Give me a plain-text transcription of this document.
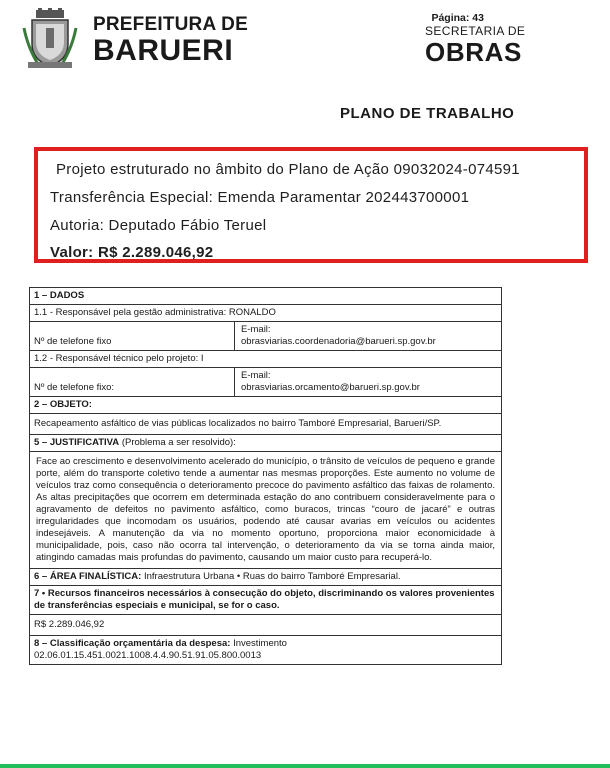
PREFEITURA DE
BARUERI
Página: 43
SECRETARIA DE
OBRAS
PLANO DE TRABALHO
Projeto estruturado no âmbito do Plano de Ação 09032024-074591
Transferência Especial: Emenda Paramentar 202443700001
Autoria: Deputado Fábio Teruel
Valor: R$ 2.289.046,92
1 – DADOS
1.1 - Responsável pela gestão administrativa: RONALDO
Nº de telefone fixo
E-mail:
obrasviarias.coordenadoria@barueri.sp.gov.br
1.2 - Responsável técnico pelo projeto: I
Nº de telefone fixo:
E-mail:
obrasviarias.orcamento@barueri.sp.gov.br
2 – OBJETO:
Recapeamento asfáltico de vias públicas localizados no bairro Tamboré Empresarial, Barueri/SP.
5 – JUSTIFICATIVA (Problema a ser resolvido):
Face ao crescimento e desenvolvimento acelerado do município, o trânsito de veículos de pequeno e grande porte, além do transporte coletivo tende a aumentar nas mesmas proporções. Este aumento no volume de veículos traz como consequência o deterioramento precoce do pavimento asfáltico das faixas de rolamento. As altas precipitações que ocorrem em determinada estação do ano contribuem consideravelmente para o agravamento de defeitos no pavimento asfáltico, como buracos, trincas “couro de jacaré” e outras irregularidades que incomodam os usuários, podendo até causar avarias em veículos ou acidentes indesejáveis. A manutenção da via no momento oportuno, proporciona maior economicidade à municipalidade, pois, caso não ocorra tal intervenção, o deterioramento da via se torna ainda maior, atingindo camadas mais profundas do pavimento, causando um maior custo para recuperá-lo.
6 – ÁREA FINALÍSTICA: Infraestrutura Urbana • Ruas do bairro Tamboré Empresarial.
7 • Recursos financeiros necessários à consecução do objeto, discriminando os valores provenientes de transferências especiais e municipal, se for o caso.
R$ 2.289.046,92
8 – Classificação orçamentária da despesa: Investimento
02.06.01.15.451.0021.1008.4.4.90.51.91.05.800.0013
